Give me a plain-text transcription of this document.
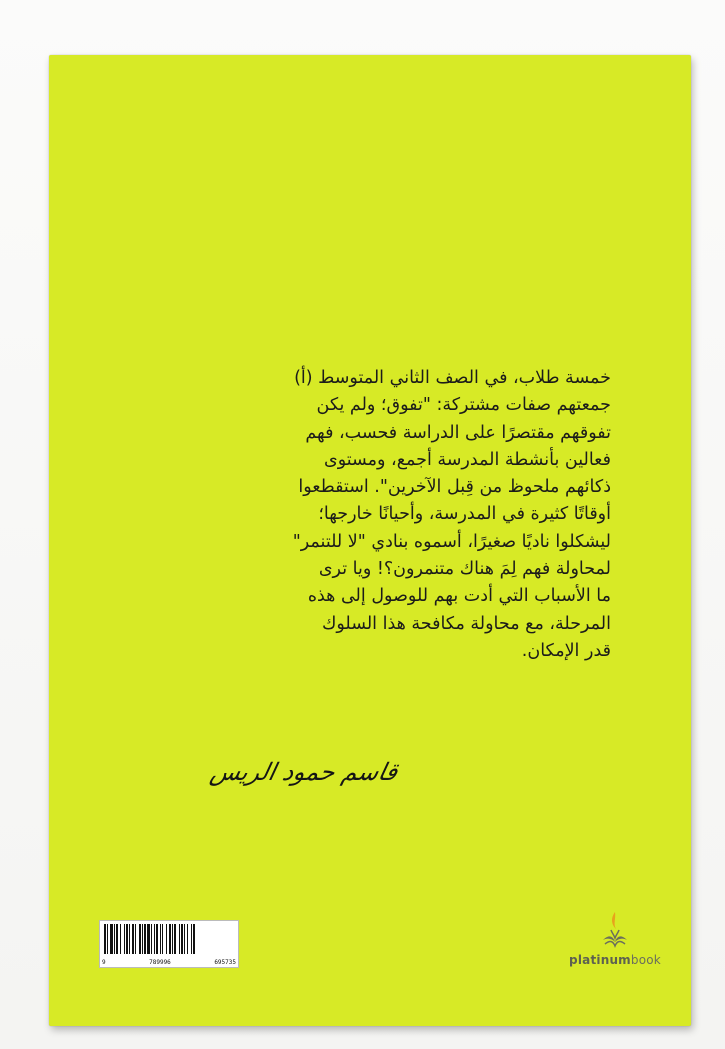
خمسة طلاب، في الصف الثاني المتوسط (أ)
جمعتهم صفات مشتركة: "تفوق؛ ولم يكن
تفوقهم مقتصرًا على الدراسة فحسب، فهم
فعالين بأنشطة المدرسة أجمع، ومستوى
ذكائهم ملحوظ من قِبل الآخرين". استقطعوا
أوقاتًا كثيرة في المدرسة، وأحيانًا خارجها؛
ليشكلوا ناديًا صغيرًا، أسموه بنادي "لا للتنمر"
لمحاولة فهم لِمَ هناك متنمرون؟! ويا ترى
ما الأسباب التي أدت بهم للوصول إلى هذه
المرحلة، مع محاولة مكافحة هذا السلوك
قدر الإمكان.
قاسم حمود الريس
9	789996	695735	platinumbook
